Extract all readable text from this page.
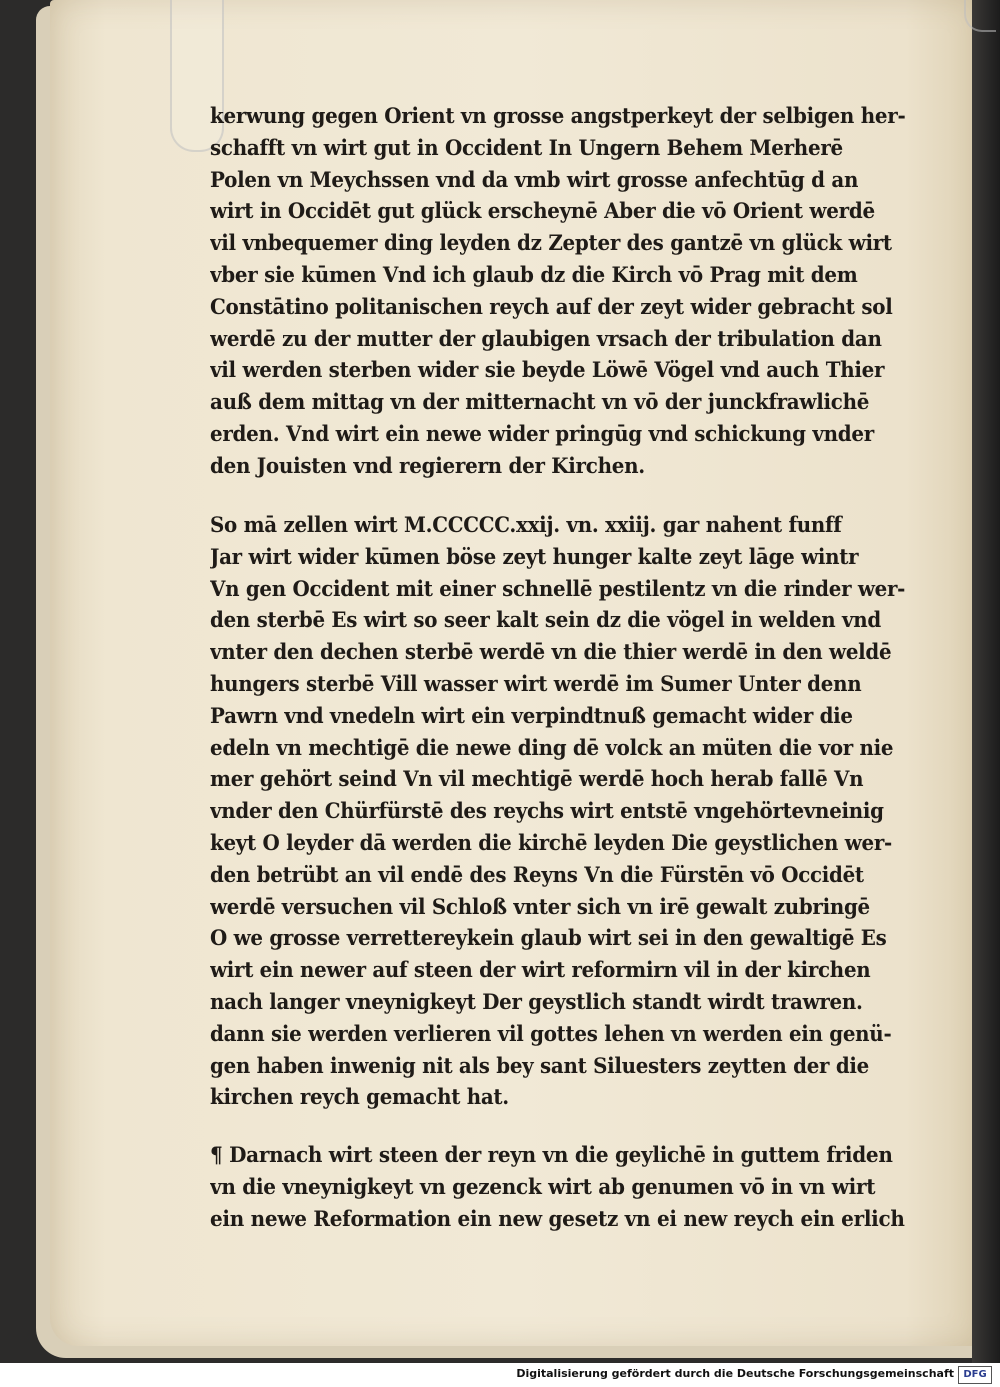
kerwung gegen Orient vn grosse angstperkeyt der selbigen her-
schafft vn wirt gut in Occident In Ungern Behem Merherē
Polen vn Meychssen vnd da vmb wirt grosse anfechtūg d an
wirt in Occidēt gut glück erscheynē Aber die vō Orient werdē
vil vnbequemer ding leyden dz Zepter des gantzē vn glück wirt
vber sie kūmen Vnd ich glaub dz die Kirch vō Prag mit dem
Constātino politanischen reych auf der zeyt wider gebracht sol
werdē zu der mutter der glaubigen vrsach der tribulation dan
vil werden sterben wider sie beyde Löwē Vögel vnd auch Thier
auß dem mittag vn der mitternacht vn vō der junckfrawlichē
erden. Vnd wirt ein newe wider pringūg vnd schickung vnder
den Jouisten vnd regierern der Kirchen.
So mā zellen wirt M.CCCCC.xxij. vn. xxiij. gar nahent funff
Jar wirt wider kūmen böse zeyt hunger kalte zeyt lāge wintr
Vn gen Occident mit einer schnellē pestilentz vn die rinder wer-
den sterbē Es wirt so seer kalt sein dz die vögel in welden vnd
vnter den dechen sterbē werdē vn die thier werdē in den weldē
hungers sterbē Vill wasser wirt werdē im Sumer Unter denn
Pawrn vnd vnedeln wirt ein verpindtnuß gemacht wider die
edeln vn mechtigē die newe ding dē volck an müten die vor nie
mer gehört seind Vn vil mechtigē werdē hoch herab fallē Vn
vnder den Chürfürstē des reychs wirt entstē vngehörtevneinig
keyt O leyder dā werden die kirchē leyden Die geystlichen wer-
den betrübt an vil endē des Reyns Vn die Fürstēn vō Occidēt
werdē versuchen vil Schloß vnter sich vn irē gewalt zubringē
O we grosse verrettereykein glaub wirt sei in den gewaltigē Es
wirt ein newer auf steen der wirt reformirn vil in der kirchen
nach langer vneynigkeyt Der geystlich standt wirdt trawren.
dann sie werden verlieren vil gottes lehen vn werden ein genü-
gen haben inwenig nit als bey sant Siluesters zeytten der die
kirchen reych gemacht hat.
¶ Darnach wirt steen der reyn vn die geylichē in guttem friden
vn die vneynigkeyt vn gezenck wirt ab genumen vō in vn wirt
ein newe Reformation ein new gesetz vn ei new reych ein erlich
Digitalisierung gefördert durch die Deutsche Forschungsgemeinschaft DFG
